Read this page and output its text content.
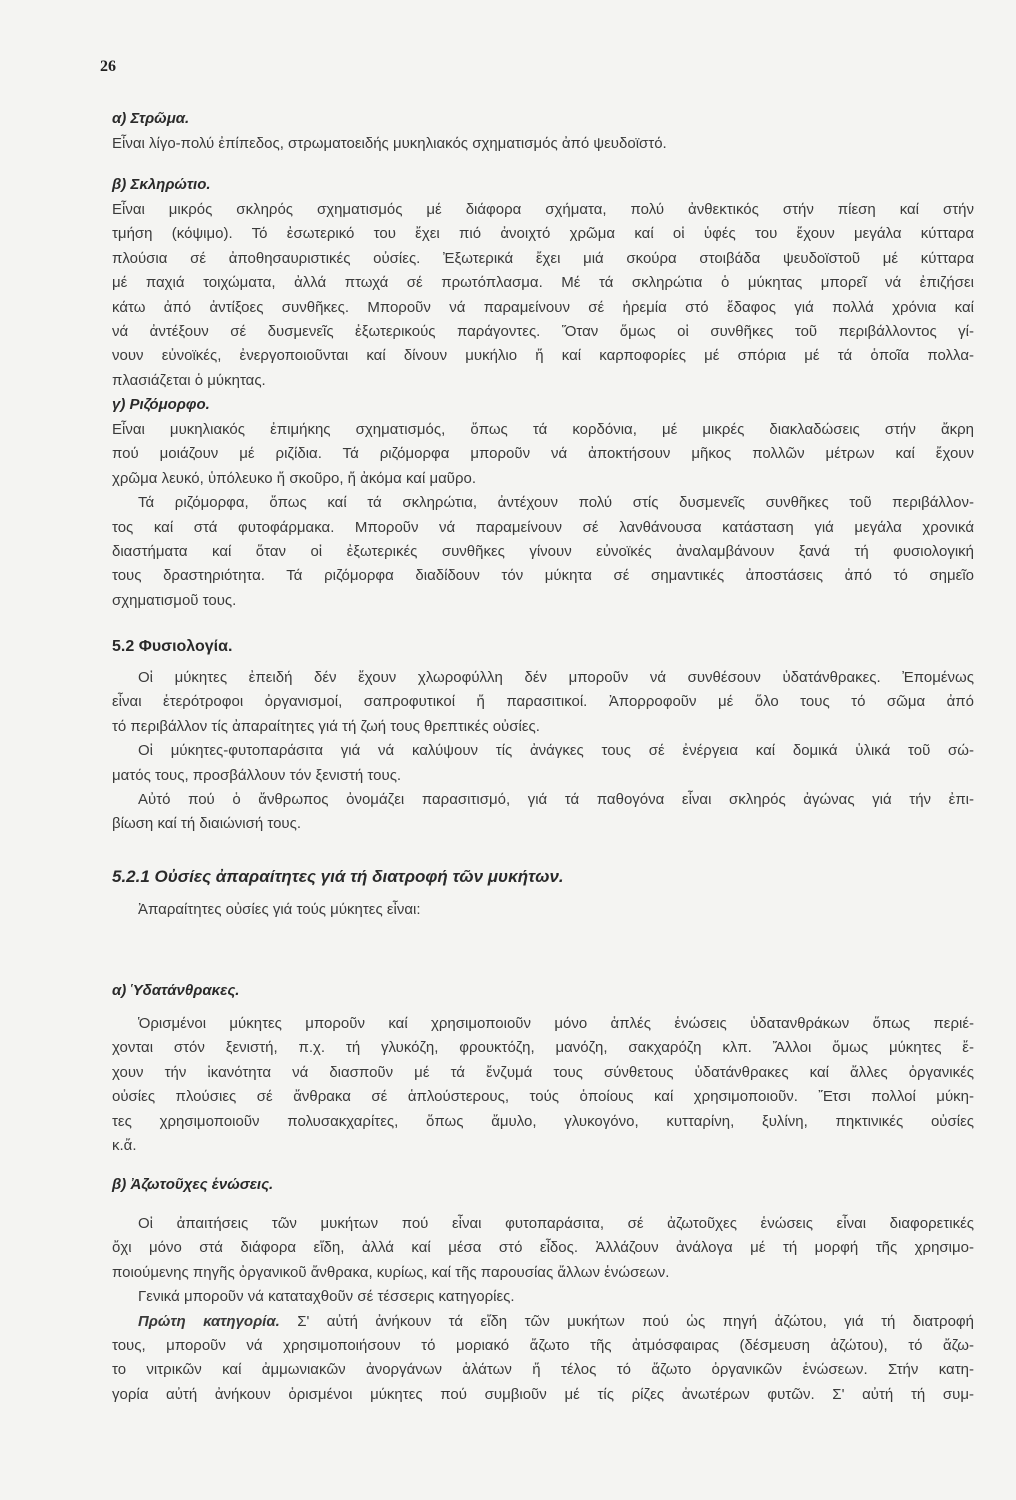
26
α) Στρῶμα.
Εἶναι λίγο-πολύ ἐπίπεδος, στρωματοειδής μυκηλιακός σχηματισμός ἀπό ψευδοϊστό.
β) Σκληρώτιο.
Εἶναι μικρός σκληρός σχηματισμός μέ διάφορα σχήματα, πολύ ἀνθεκτικός στήν πίεση καί στήν
τμήση (κόψιμο). Τό ἐσωτερικό του ἔχει πιό ἀνοιχτό χρῶμα καί οἱ ὑφές του ἔχουν μεγάλα κύτταρα
πλούσια σέ ἀποθησαυριστικές οὐσίες. Ἐξωτερικά ἔχει μιά σκούρα στοιβάδα ψευδοϊστοῦ μέ κύτταρα
μέ παχιά τοιχώματα, ἀλλά πτωχά σέ πρωτόπλασμα. Μέ τά σκληρώτια ὁ μύκητας μπορεῖ νά ἐπιζήσει
κάτω ἀπό ἀντίξοες συνθῆκες. Μποροῦν νά παραμείνουν σέ ἠρεμία στό ἔδαφος γιά πολλά χρόνια καί
νά ἀντέξουν σέ δυσμενεῖς ἐξωτερικούς παράγοντες. Ὅταν ὅμως οἱ συνθῆκες τοῦ περιβάλλοντος γί-
νουν εὐνοϊκές, ἐνεργοποιοῦνται καί δίνουν μυκήλιο ἤ καί καρποφορίες μέ σπόρια μέ τά ὁποῖα πολλα-
πλασιάζεται ὁ μύκητας.
γ) Ριζόμορφο.
Εἶναι μυκηλιακός ἐπιμήκης σχηματισμός, ὅπως τά κορδόνια, μέ μικρές διακλαδώσεις στήν ἄκρη
πού μοιάζουν μέ ριζίδια. Τά ριζόμορφα μποροῦν νά ἀποκτήσουν μῆκος πολλῶν μέτρων καί ἔχουν
χρῶμα λευκό, ὑπόλευκο ἤ σκοῦρο, ἤ ἀκόμα καί μαῦρο.
Τά ριζόμορφα, ὅπως καί τά σκληρώτια, ἀντέχουν πολύ στίς δυσμενεῖς συνθῆκες τοῦ περιβάλλον-
τος καί στά φυτοφάρμακα. Μποροῦν νά παραμείνουν σέ λανθάνουσα κατάσταση γιά μεγάλα χρονικά
διαστήματα καί ὅταν οἱ ἐξωτερικές συνθῆκες γίνουν εὐνοϊκές ἀναλαμβάνουν ξανά τή φυσιολογική
τους δραστηριότητα. Τά ριζόμορφα διαδίδουν τόν μύκητα σέ σημαντικές ἀποστάσεις ἀπό τό σημεῖο
σχηματισμοῦ τους.
5.2 Φυσιολογία.
Οἱ μύκητες ἐπειδή δέν ἔχουν χλωροφύλλη δέν μποροῦν νά συνθέσουν ὑδατάνθρακες. Ἐπομένως
εἶναι ἑτερότροφοι ὀργανισμοί, σαπροφυτικοί ἤ παρασιτικοί. Ἀπορροφοῦν μέ ὅλο τους τό σῶμα ἀπό
τό περιβάλλον τίς ἀπαραίτητες γιά τή ζωή τους θρεπτικές οὐσίες.
Οἱ μύκητες-φυτοπαράσιτα γιά νά καλύψουν τίς ἀνάγκες τους σέ ἐνέργεια καί δομικά ὑλικά τοῦ σώ-
ματός τους, προσβάλλουν τόν ξενιστή τους.
Αὐτό πού ὁ ἄνθρωπος ὀνομάζει παρασιτισμό, γιά τά παθογόνα εἶναι σκληρός ἀγώνας γιά τήν ἐπι-
βίωση καί τή διαιώνισή τους.
5.2.1 Οὐσίες ἀπαραίτητες γιά τή διατροφή τῶν μυκήτων.
Ἀπαραίτητες οὐσίες γιά τούς μύκητες εἶναι:
α) Ὑδατάνθρακες.
Ὁρισμένοι μύκητες μποροῦν καί χρησιμοποιοῦν μόνο ἁπλές ἑνώσεις ὑδατανθράκων ὅπως περιέ-
χονται στόν ξενιστή, π.χ. τή γλυκόζη, φρουκτόζη, μανόζη, σακχαρόζη κλπ. Ἄλλοι ὅμως μύκητες ἔ-
χουν τήν ἱκανότητα νά διασποῦν μέ τά ἔνζυμά τους σύνθετους ὑδατάνθρακες καί ἄλλες ὀργανικές
οὐσίες πλούσιες σέ ἄνθρακα σέ ἁπλούστερους, τούς ὁποίους καί χρησιμοποιοῦν. Ἔτσι πολλοί μύκη-
τες χρησιμοποιοῦν πολυσακχαρίτες, ὅπως ἄμυλο, γλυκογόνο, κυτταρίνη, ξυλίνη, πηκτινικές οὐσίες
κ.ἄ.
β) Ἀζωτοῦχες ἑνώσεις.
Οἱ ἀπαιτήσεις τῶν μυκήτων πού εἶναι φυτοπαράσιτα, σέ ἀζωτοῦχες ἑνώσεις εἶναι διαφορετικές
ὄχι μόνο στά διάφορα εἴδη, ἀλλά καί μέσα στό εἶδος. Ἀλλάζουν ἀνάλογα μέ τή μορφή τῆς χρησιμο-
ποιούμενης πηγῆς ὀργανικοῦ ἄνθρακα, κυρίως, καί τῆς παρουσίας ἄλλων ἑνώσεων.
Γενικά μποροῦν νά καταταχθοῦν σέ τέσσερις κατηγορίες.
Πρώτη κατηγορία. Σ' αὐτή ἀνήκουν τά εἴδη τῶν μυκήτων πού ὡς πηγή ἀζώτου, γιά τή διατροφή
τους, μποροῦν νά χρησιμοποιήσουν τό μοριακό ἄζωτο τῆς ἀτμόσφαιρας (δέσμευση ἀζώτου), τό ἄζω-
το νιτρικῶν καί ἀμμωνιακῶν ἀνοργάνων ἁλάτων ἤ τέλος τό ἄζωτο ὀργανικῶν ἑνώσεων. Στήν κατη-
γορία αὐτή ἀνήκουν ὁρισμένοι μύκητες πού συμβιοῦν μέ τίς ρίζες ἀνωτέρων φυτῶν. Σ' αὐτή τή συμ-
